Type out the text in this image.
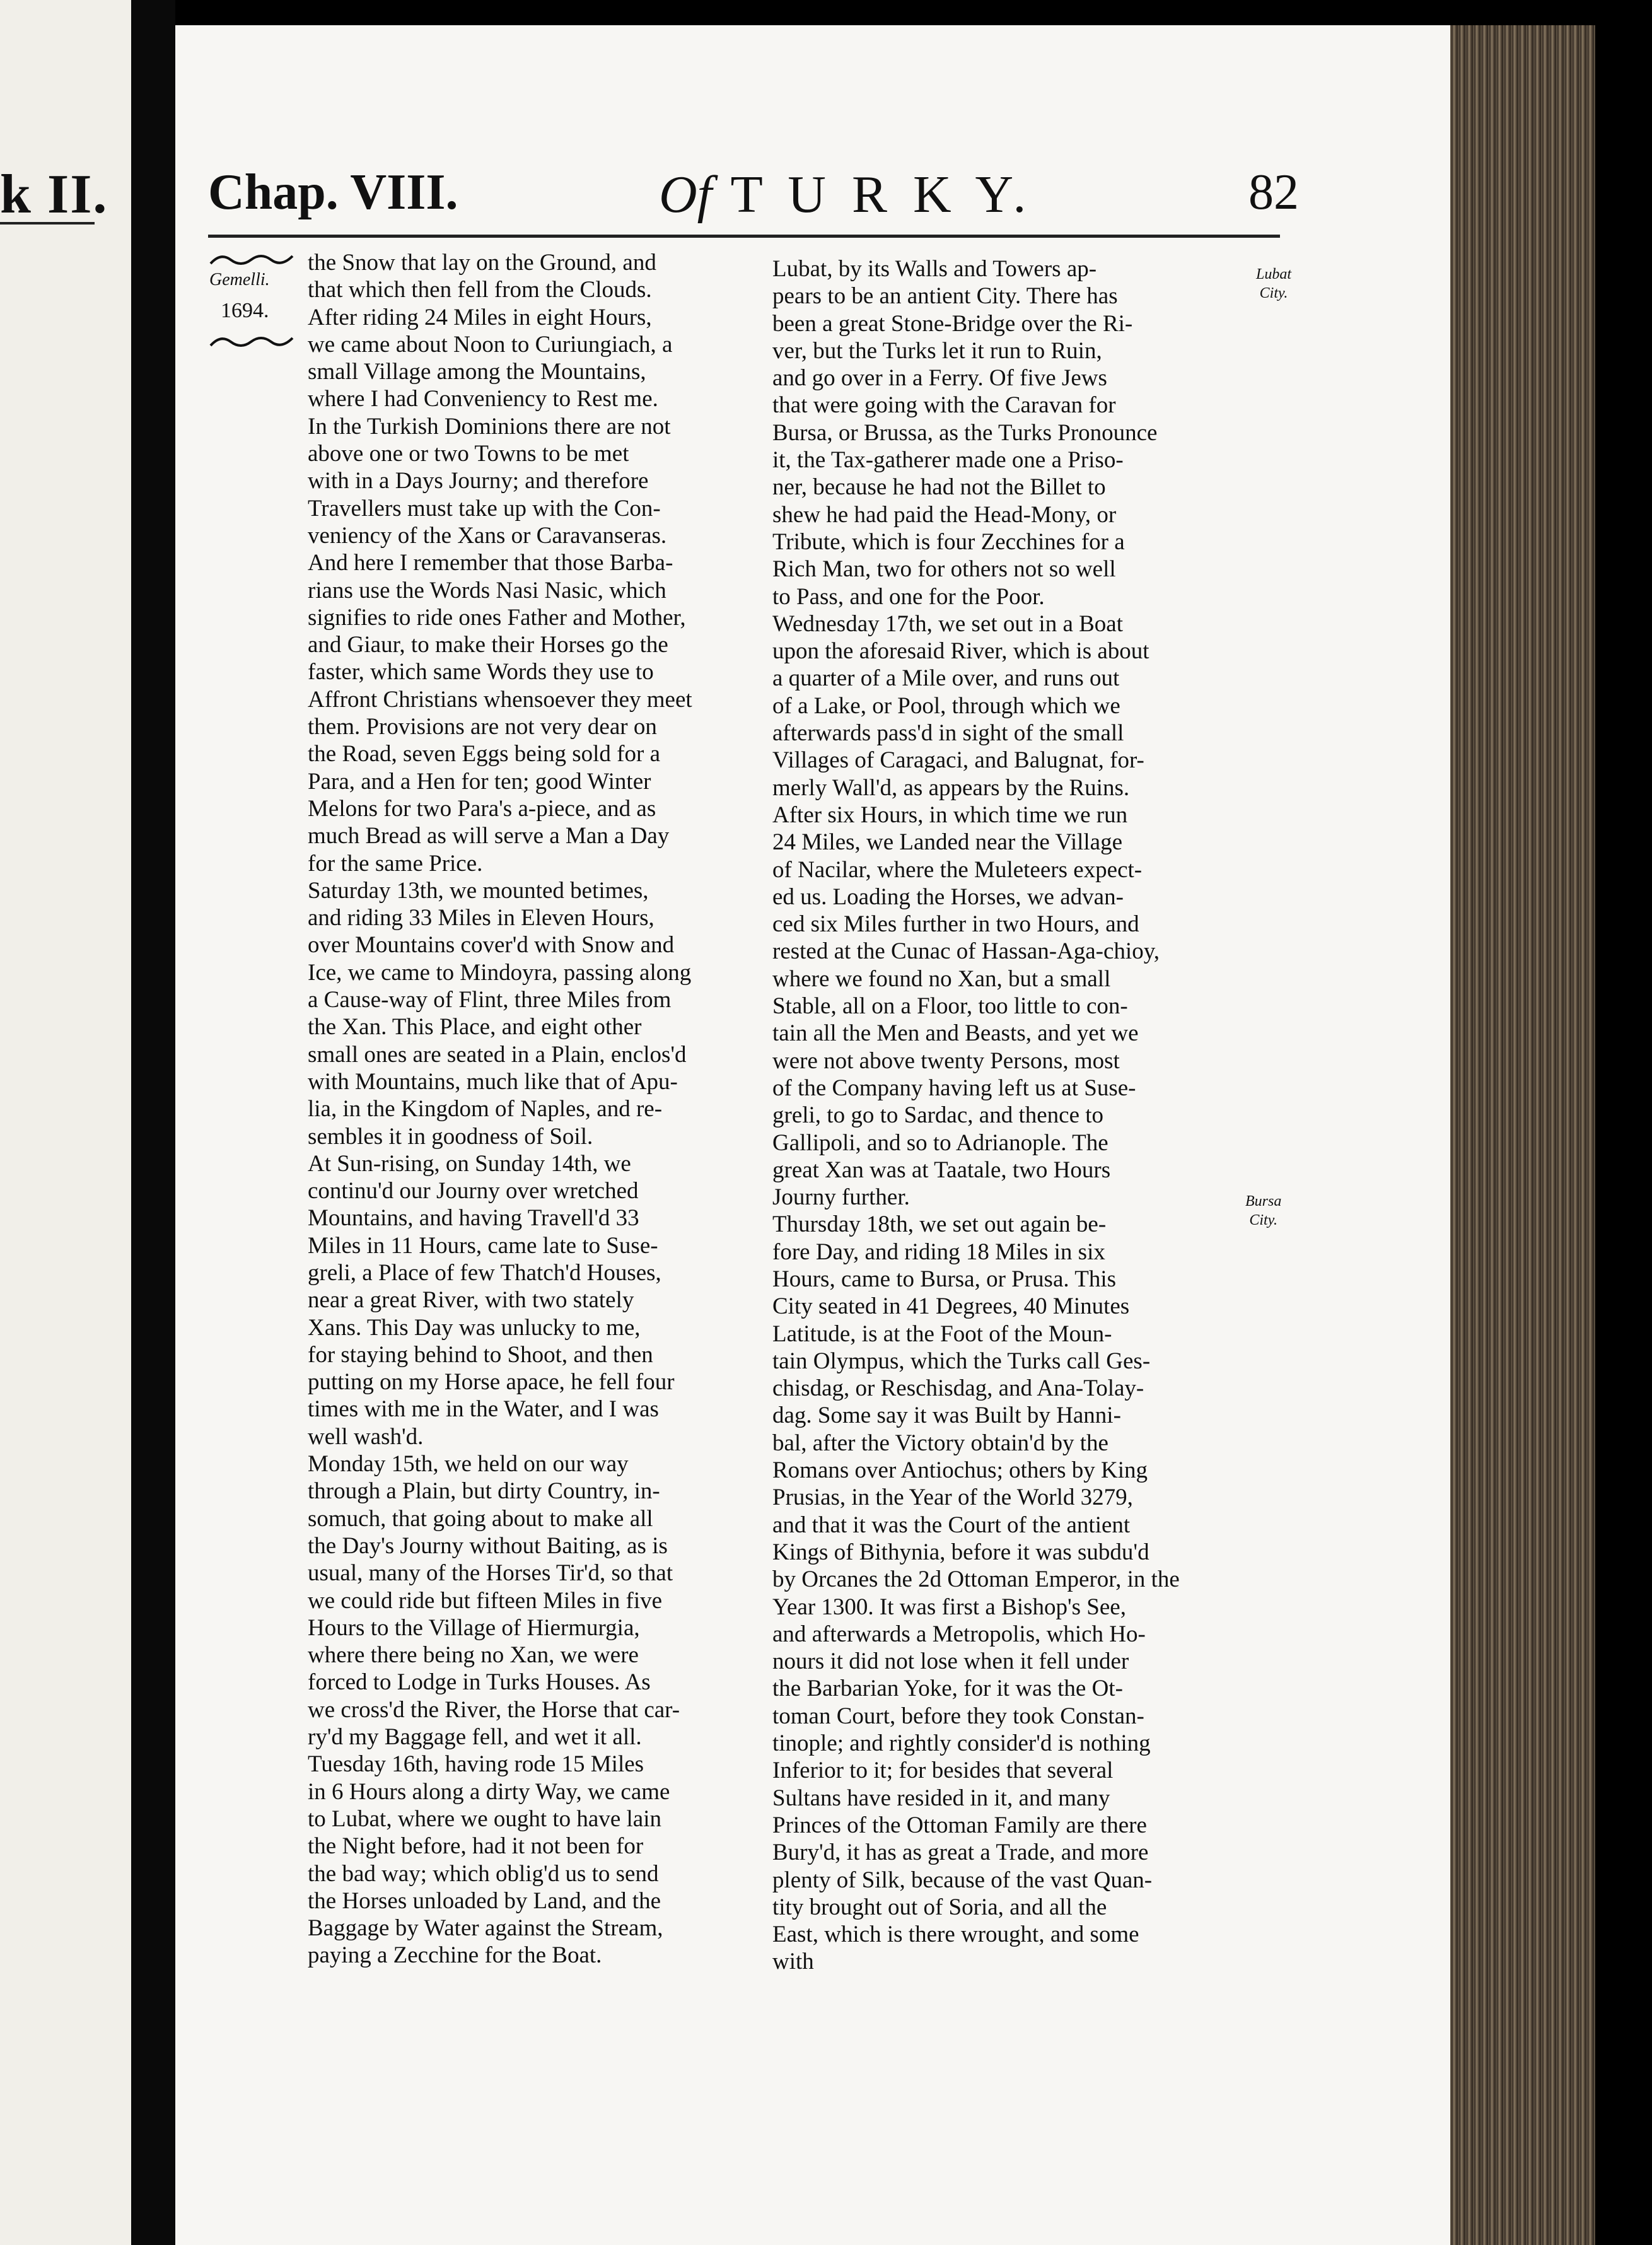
k II. Chap. VIII.	Of T U R K Y.	82
Gemelli.
1694.
Lubat
City.
Bursa
City.
the Snow that lay on the Ground, and
that which then fell from the Clouds.
After riding 24 Miles in eight Hours,
we came about Noon to Curiungiach, a
small Village among the Mountains,
where I had Conveniency to Rest me.
In the Turkish Dominions there are not
above one or two Towns to be met
with in a Days Journy; and therefore
Travellers must take up with the Con-
veniency of the Xans or Caravanseras.
And here I remember that those Barba-
rians use the Words Nasi Nasic, which
signifies to ride ones Father and Mother,
and Giaur, to make their Horses go the
faster, which same Words they use to
Affront Christians whensoever they meet
them. Provisions are not very dear on
the Road, seven Eggs being sold for a
Para, and a Hen for ten; good Winter
Melons for two Para's a-piece, and as
much Bread as will serve a Man a Day
for the same Price.
Saturday 13th, we mounted betimes,
and riding 33 Miles in Eleven Hours,
over Mountains cover'd with Snow and
Ice, we came to Mindoyra, passing along
a Cause-way of Flint, three Miles from
the Xan. This Place, and eight other
small ones are seated in a Plain, enclos'd
with Mountains, much like that of Apu-
lia, in the Kingdom of Naples, and re-
sembles it in goodness of Soil.
At Sun-rising, on Sunday 14th, we
continu'd our Journy over wretched
Mountains, and having Travell'd 33
Miles in 11 Hours, came late to Suse-
greli, a Place of few Thatch'd Houses,
near a great River, with two stately
Xans. This Day was unlucky to me,
for staying behind to Shoot, and then
putting on my Horse apace, he fell four
times with me in the Water, and I was
well wash'd.
Monday 15th, we held on our way
through a Plain, but dirty Country, in-
somuch, that going about to make all
the Day's Journy without Baiting, as is
usual, many of the Horses Tir'd, so that
we could ride but fifteen Miles in five
Hours to the Village of Hiermurgia,
where there being no Xan, we were
forced to Lodge in Turks Houses. As
we cross'd the River, the Horse that car-
ry'd my Baggage fell, and wet it all.
Tuesday 16th, having rode 15 Miles
in 6 Hours along a dirty Way, we came
to Lubat, where we ought to have lain
the Night before, had it not been for
the bad way; which oblig'd us to send
the Horses unloaded by Land, and the
Baggage by Water against the Stream,
paying a Zecchine for the Boat.
Lubat, by its Walls and Towers ap-
pears to be an antient City. There has
been a great Stone-Bridge over the Ri-
ver, but the Turks let it run to Ruin,
and go over in a Ferry. Of five Jews
that were going with the Caravan for
Bursa, or Brussa, as the Turks Pronounce
it, the Tax-gatherer made one a Priso-
ner, because he had not the Billet to
shew he had paid the Head-Mony, or
Tribute, which is four Zecchines for a
Rich Man, two for others not so well
to Pass, and one for the Poor.
Wednesday 17th, we set out in a Boat
upon the aforesaid River, which is about
a quarter of a Mile over, and runs out
of a Lake, or Pool, through which we
afterwards pass'd in sight of the small
Villages of Caragaci, and Balugnat, for-
merly Wall'd, as appears by the Ruins.
After six Hours, in which time we run
24 Miles, we Landed near the Village
of Nacilar, where the Muleteers expect-
ed us. Loading the Horses, we advan-
ced six Miles further in two Hours, and
rested at the Cunac of Hassan-Aga-chioy,
where we found no Xan, but a small
Stable, all on a Floor, too little to con-
tain all the Men and Beasts, and yet we
were not above twenty Persons, most
of the Company having left us at Suse-
greli, to go to Sardac, and thence to
Gallipoli, and so to Adrianople. The
great Xan was at Taatale, two Hours
Journy further.
Thursday 18th, we set out again be-
fore Day, and riding 18 Miles in six
Hours, came to Bursa, or Prusa. This
City seated in 41 Degrees, 40 Minutes
Latitude, is at the Foot of the Moun-
tain Olympus, which the Turks call Ges-
chisdag, or Reschisdag, and Ana-Tolay-
dag. Some say it was Built by Hanni-
bal, after the Victory obtain'd by the
Romans over Antiochus; others by King
Prusias, in the Year of the World 3279,
and that it was the Court of the antient
Kings of Bithynia, before it was subdu'd
by Orcanes the 2d Ottoman Emperor, in the
Year 1300. It was first a Bishop's See,
and afterwards a Metropolis, which Ho-
nours it did not lose when it fell under
the Barbarian Yoke, for it was the Ot-
toman Court, before they took Constan-
tinople; and rightly consider'd is nothing
Inferior to it; for besides that several
Sultans have resided in it, and many
Princes of the Ottoman Family are there
Bury'd, it has as great a Trade, and more
plenty of Silk, because of the vast Quan-
tity brought out of Soria, and all the
East, which is there wrought, and some
with
